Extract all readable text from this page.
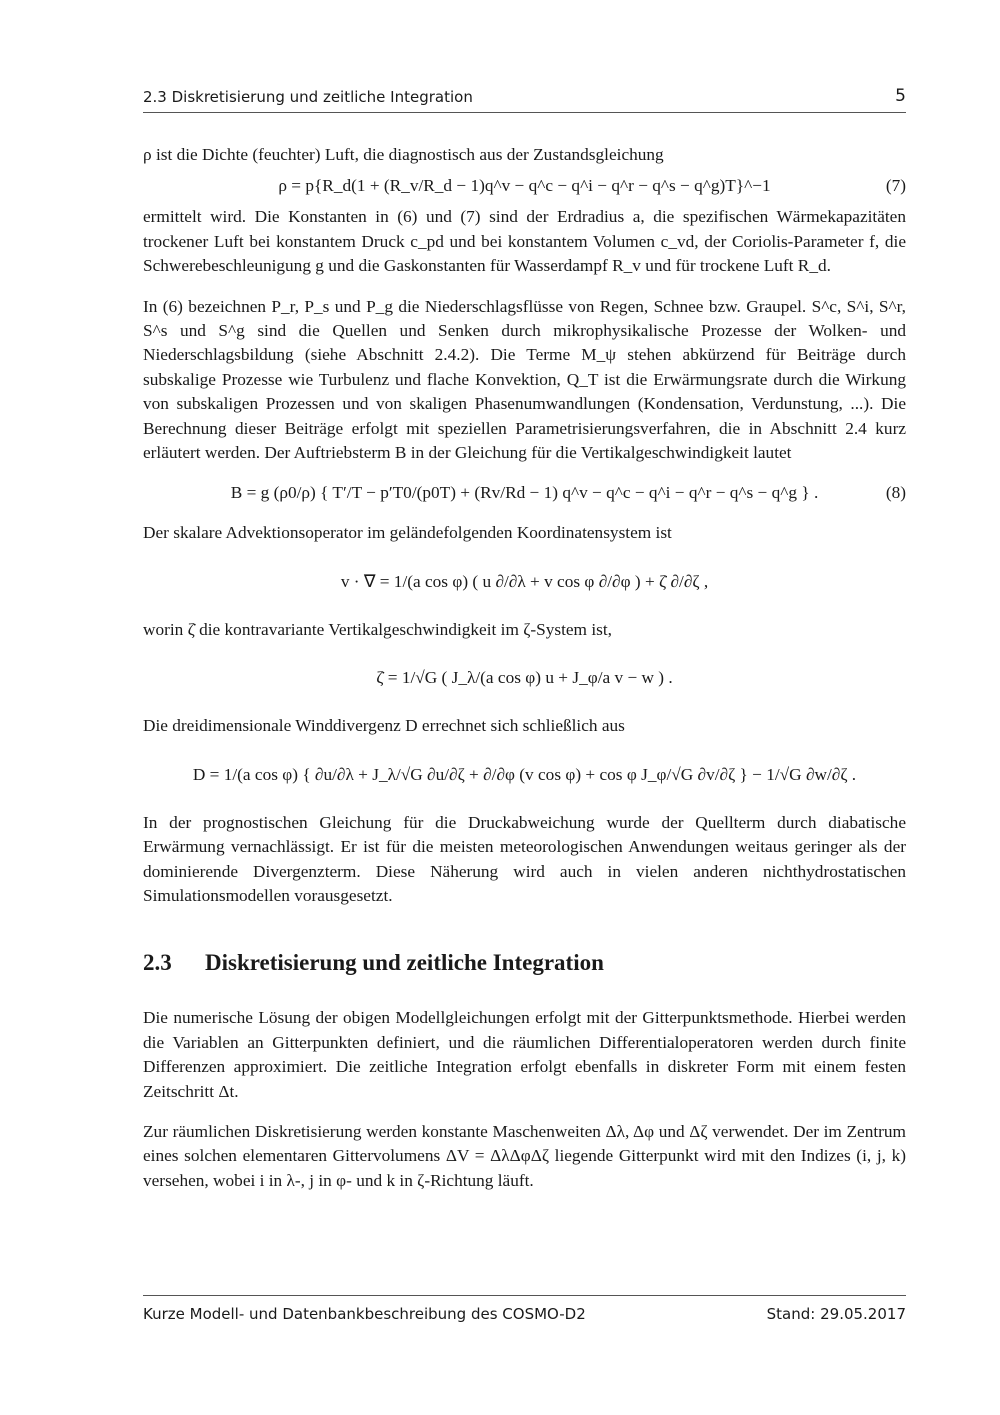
2.3 Diskretisierung und zeitliche Integration	5

ρ ist die Dichte (feuchter) Luft, die diagnostisch aus der Zustandsgleichung

ρ = p{R_d(1 + (R_v/R_d − 1)q^v − q^c − q^i − q^r − q^s − q^g)T}^−1	(7)

ermittelt wird. Die Konstanten in (6) und (7) sind der Erdradius a, die spezifischen Wärmekapazitäten trockener Luft bei konstantem Druck c_pd und bei konstantem Volumen c_vd, der Coriolis-Parameter f, die Schwerebeschleunigung g und die Gaskonstanten für Wasserdampf R_v und für trockene Luft R_d.

In (6) bezeichnen P_r, P_s und P_g die Niederschlagsflüsse von Regen, Schnee bzw. Graupel. S^c, S^i, S^r, S^s und S^g sind die Quellen und Senken durch mikrophysikalische Prozesse der Wolken- und Niederschlagsbildung (siehe Abschnitt 2.4.2). Die Terme M_ψ stehen abkürzend für Beiträge durch subskalige Prozesse wie Turbulenz und flache Konvektion, Q_T ist die Erwärmungsrate durch die Wirkung von subskaligen Prozessen und von skaligen Phasenumwandlungen (Kondensation, Verdunstung, ...). Die Berechnung dieser Beiträge erfolgt mit speziellen Parametrisierungsverfahren, die in Abschnitt 2.4 kurz erläutert werden. Der Auftriebsterm B in der Gleichung für die Vertikalgeschwindigkeit lautet

B = g (ρ0/ρ) { T′/T − p′T0/(p0T) + (Rv/Rd − 1) q^v − q^c − q^i − q^r − q^s − q^g } .	(8)

Der skalare Advektionsoperator im geländefolgenden Koordinatensystem ist

v · ∇ = 1/(a cos φ) ( u ∂/∂λ + v cos φ ∂/∂φ ) + ζ̇ ∂/∂ζ ,

worin ζ̇ die kontravariante Vertikalgeschwindigkeit im ζ-System ist,

ζ̇ = 1/√G ( J_λ/(a cos φ) u + J_φ/a v − w ) .

Die dreidimensionale Winddivergenz D errechnet sich schließlich aus

D = 1/(a cos φ) { ∂u/∂λ + J_λ/√G ∂u/∂ζ + ∂/∂φ (v cos φ) + cos φ J_φ/√G ∂v/∂ζ } − 1/√G ∂w/∂ζ .

In der prognostischen Gleichung für die Druckabweichung wurde der Quellterm durch diabatische Erwärmung vernachlässigt. Er ist für die meisten meteorologischen Anwendungen weitaus geringer als der dominierende Divergenzterm. Diese Näherung wird auch in vielen anderen nichthydrostatischen Simulationsmodellen vorausgesetzt.

2.3 Diskretisierung und zeitliche Integration

Die numerische Lösung der obigen Modellgleichungen erfolgt mit der Gitterpunktsmethode. Hierbei werden die Variablen an Gitterpunkten definiert, und die räumlichen Differentialoperatoren werden durch finite Differenzen approximiert. Die zeitliche Integration erfolgt ebenfalls in diskreter Form mit einem festen Zeitschritt Δt.

Zur räumlichen Diskretisierung werden konstante Maschenweiten Δλ, Δφ und Δζ verwendet. Der im Zentrum eines solchen elementaren Gittervolumens ΔV = ΔλΔφΔζ liegende Gitterpunkt wird mit den Indizes (i, j, k) versehen, wobei i in λ-, j in φ- und k in ζ-Richtung läuft.

Kurze Modell- und Datenbankbeschreibung des COSMO-D2	Stand: 29.05.2017
